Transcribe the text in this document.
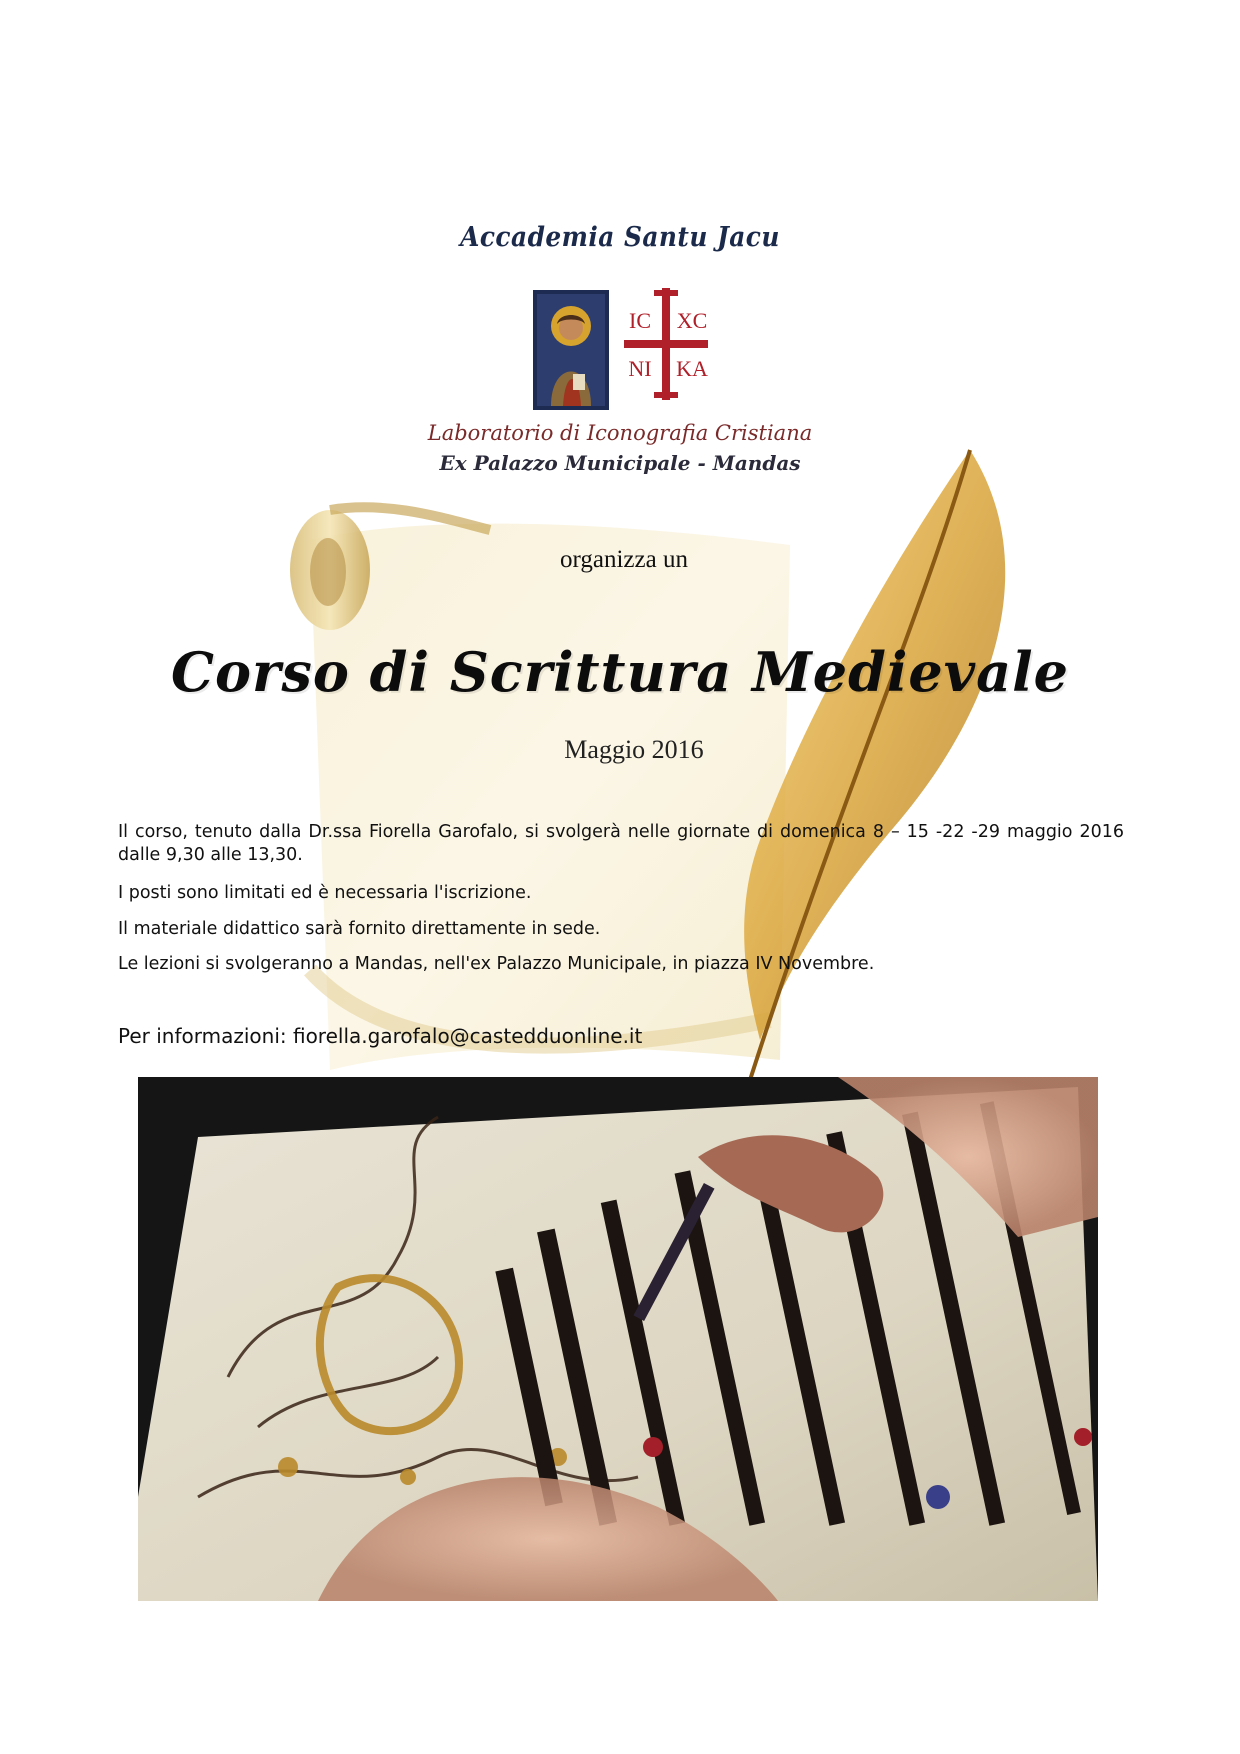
Accademia Santu Jacu
IC XC
NI KA
Laboratorio di Iconografia Cristiana
Ex Palazzo Municipale - Mandas
organizza un
Corso di Scrittura Medievale
Maggio 2016
Il corso, tenuto dalla Dr.ssa Fiorella Garofalo, si svolgerà nelle giornate di domenica 8 – 15 -22 -29 maggio 2016 dalle 9,30 alle 13,30.
I posti sono limitati ed è necessaria l'iscrizione.
Il materiale didattico sarà fornito direttamente in sede.
Le lezioni si svolgeranno a Mandas, nell'ex Palazzo Municipale, in piazza IV Novembre.
Per informazioni: fiorella.garofalo@castedduonline.it
